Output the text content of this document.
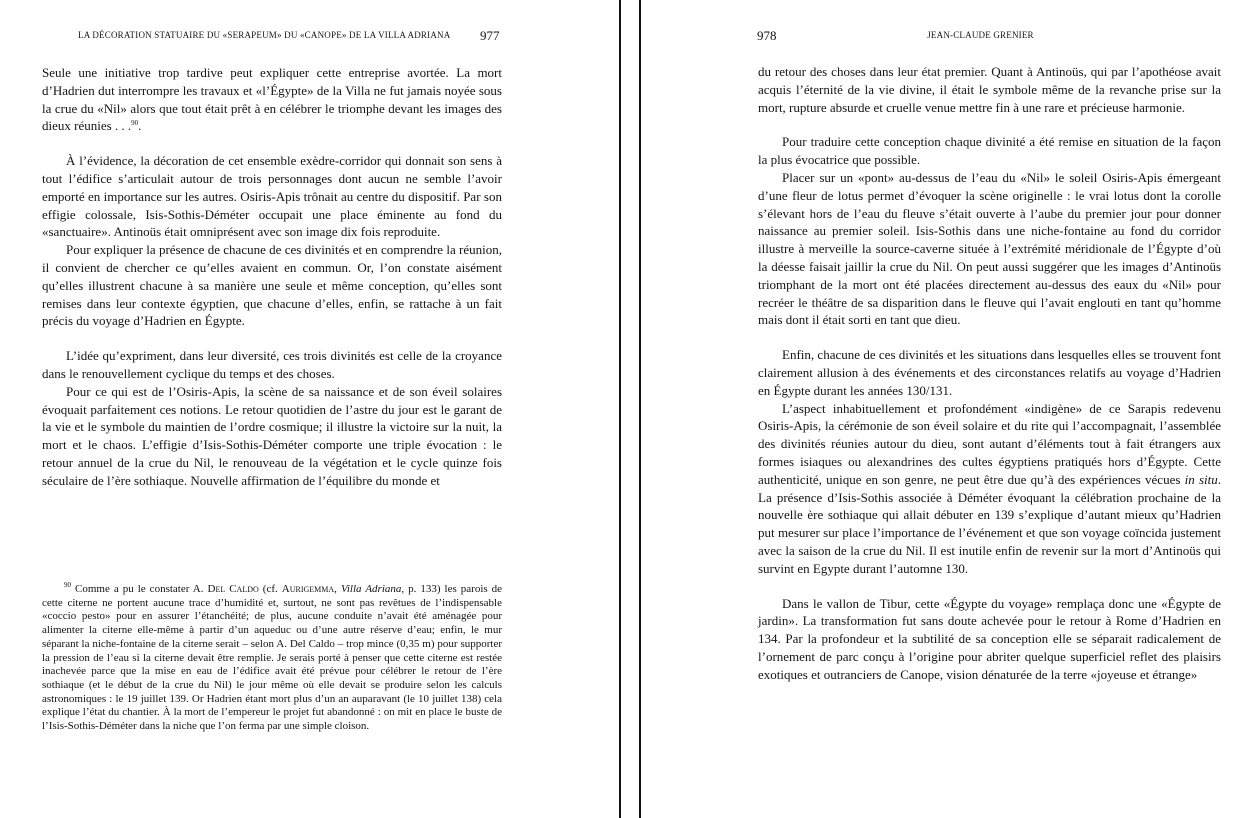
LA DÉCORATION STATUAIRE DU «SERAPEUM» DU «CANOPE» DE LA VILLA ADRIANA	977

Seule une initiative trop tardive peut expliquer cette entreprise avortée. La mort d’Hadrien dut interrompre les travaux et «l’Égypte» de la Villa ne fut jamais noyée sous la crue du «Nil» alors que tout était prêt à en célébrer le triomphe devant les images des dieux réunies . . .$^{90}$.

À l’évidence, la décoration de cet ensemble exèdre-corridor qui donnait son sens à tout l’édifice s’articulait autour de trois personnages dont aucun ne semble l’avoir emporté en importance sur les autres. Osiris-Apis trônait au centre du dispositif. Par son effigie colossale, Isis-Sothis-Déméter occupait une place éminente au fond du «sanctuaire». Antinoüs était omniprésent avec son image dix fois reproduite.

Pour expliquer la présence de chacune de ces divinités et en comprendre la réunion, il convient de chercher ce qu’elles avaient en commun. Or, l’on constate aisément qu’elles illustrent chacune à sa manière une seule et même conception, qu’elles sont remises dans leur contexte égyptien, que chacune d’elles, enfin, se rattache à un fait précis du voyage d’Hadrien en Égypte.

L’idée qu’expriment, dans leur diversité, ces trois divinités est celle de la croyance dans le renouvellement cyclique du temps et des choses.

Pour ce qui est de l’Osiris-Apis, la scène de sa naissance et de son éveil solaires évoquait parfaitement ces notions. Le retour quotidien de l’astre du jour est le garant de la vie et le symbole du maintien de l’ordre cosmique; il illustre la victoire sur la nuit, la mort et le chaos. L’effigie d’Isis-Sothis-Déméter comporte une triple évocation : le retour annuel de la crue du Nil, le renouveau de la végétation et le cycle quinze fois séculaire de l’ère sothiaque. Nouvelle affirmation de l’équilibre du monde et

$^{90}$ Comme a pu le constater A. Del Caldo (cf. Aurigemma, Villa Adriana, p. 133) les parois de cette citerne ne portent aucune trace d’humidité et, surtout, ne sont pas revêtues de l’indispensable «coccio pesto» pour en assurer l’étanchéité; de plus, aucune conduite n’avait été aménagée pour alimenter la citerne elle-même à partir d’un aqueduc ou d’une autre réserve d’eau; enfin, le mur séparant la niche-fontaine de la citerne serait – selon A. Del Caldo – trop mince (0,35 m) pour supporter la pression de l’eau si la citerne devait être remplie. Je serais porté à penser que cette citerne est restée inachevée parce que la mise en eau de l’édifice avait été prévue pour célébrer le retour de l’ère sothiaque (et le début de la crue du Nil) le jour même où elle devait se produire selon les calculs astronomiques : le 19 juillet 139. Or Hadrien étant mort plus d’un an auparavant (le 10 juillet 138) cela explique l’état du chantier. À la mort de l’empereur le projet fut abandonné : on mit en place le buste de l’Isis-Sothis-Déméter dans la niche que l’on ferma par une simple cloison.

978	JEAN-CLAUDE GRENIER

du retour des choses dans leur état premier. Quant à Antinoüs, qui par l’apothéose avait acquis l’éternité de la vie divine, il était le symbole même de la revanche prise sur la mort, rupture absurde et cruelle venue mettre fin à une rare et précieuse harmonie.

Pour traduire cette conception chaque divinité a été remise en situation de la façon la plus évocatrice que possible.

Placer sur un «pont» au-dessus de l’eau du «Nil» le soleil Osiris-Apis émergeant d’une fleur de lotus permet d’évoquer la scène originelle : le vrai lotus dont la corolle s’élevant hors de l’eau du fleuve s’était ouverte à l’aube du premier jour pour donner naissance au premier soleil. Isis-Sothis dans une niche-fontaine au fond du corridor illustre à merveille la source-caverne située à l’extrémité méridionale de l’Égypte d’où la déesse faisait jaillir la crue du Nil. On peut aussi suggérer que les images d’Antinoüs triomphant de la mort ont été placées directement au-dessus des eaux du «Nil» pour recréer le théâtre de sa disparition dans le fleuve qui l’avait englouti en tant qu’homme mais dont il était sorti en tant que dieu.

Enfin, chacune de ces divinités et les situations dans lesquelles elles se trouvent font clairement allusion à des événements et des circonstances relatifs au voyage d’Hadrien en Égypte durant les années 130/131.

L’aspect inhabituellement et profondément «indigène» de ce Sarapis redevenu Osiris-Apis, la cérémonie de son éveil solaire et du rite qui l’accompagnait, l’assemblée des divinités réunies autour du dieu, sont autant d’éléments tout à fait étrangers aux formes isiaques ou alexandrines des cultes égyptiens pratiqués hors d’Égypte. Cette authenticité, unique en son genre, ne peut être due qu’à des expériences vécues in situ. La présence d’Isis-Sothis associée à Déméter évoquant la célébration prochaine de la nouvelle ère sothiaque qui allait débuter en 139 s’explique d’autant mieux qu’Hadrien put mesurer sur place l’importance de l’événement et que son voyage coïncida justement avec la saison de la crue du Nil. Il est inutile enfin de revenir sur la mort d’Antinoüs qui survint en Egypte durant l’automne 130.

Dans le vallon de Tibur, cette «Égypte du voyage» remplaça donc une «Égypte de jardin». La transformation fut sans doute achevée pour le retour à Rome d’Hadrien en 134. Par la profondeur et la subtilité de sa conception elle se séparait radicalement de l’ornement de parc conçu à l’origine pour abriter quelque superficiel reflet des plaisirs exotiques et outranciers de Canope, vision dénaturée de la terre «joyeuse et étrange»
